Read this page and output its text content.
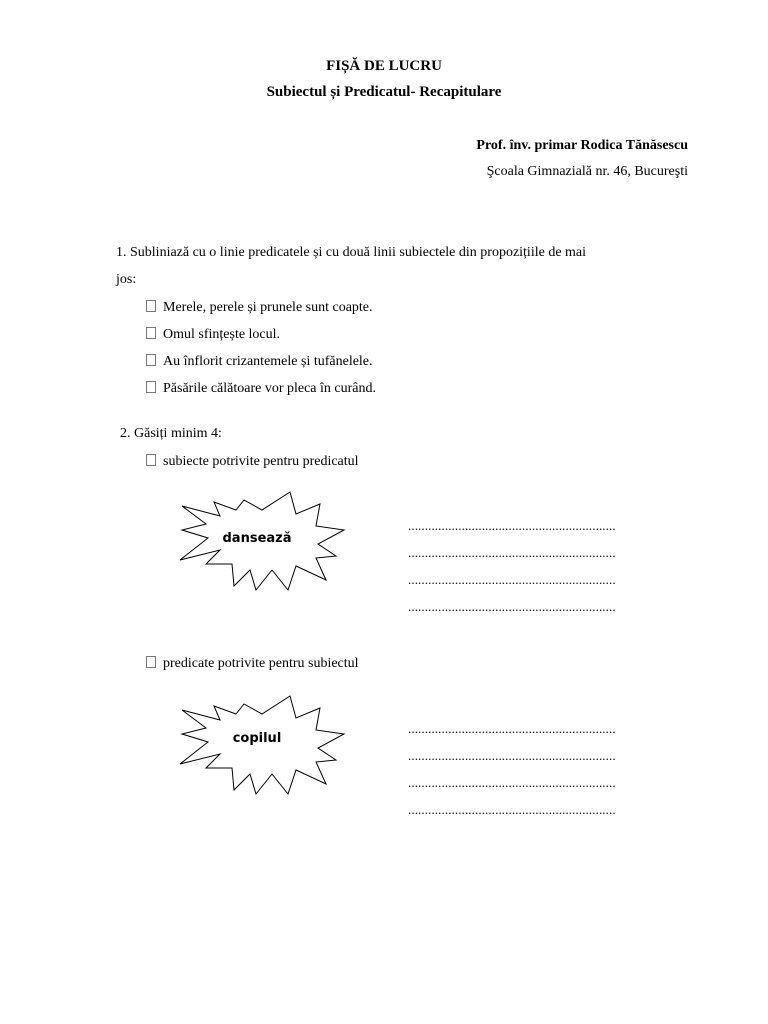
FIȘĂ DE LUCRU
Subiectul și Predicatul- Recapitulare
Prof. înv. primar Rodica Tănăsescu
Şcoala Gimnazială nr. 46, Bucureşti
1. Subliniază cu o linie predicatele și cu două linii subiectele din propozițiile de mai
jos:
Merele, perele și prunele sunt coapte.
Omul sfințește locul.
Au înflorit crizantemele și tufănelele.
Păsările călătoare vor pleca în curând.
2. Găsiți minim 4:
subiecte potrivite pentru predicatul
dansează
..............................................................
..............................................................
..............................................................
..............................................................
predicate potrivite pentru subiectul
copilul
..............................................................
..............................................................
..............................................................
..............................................................
